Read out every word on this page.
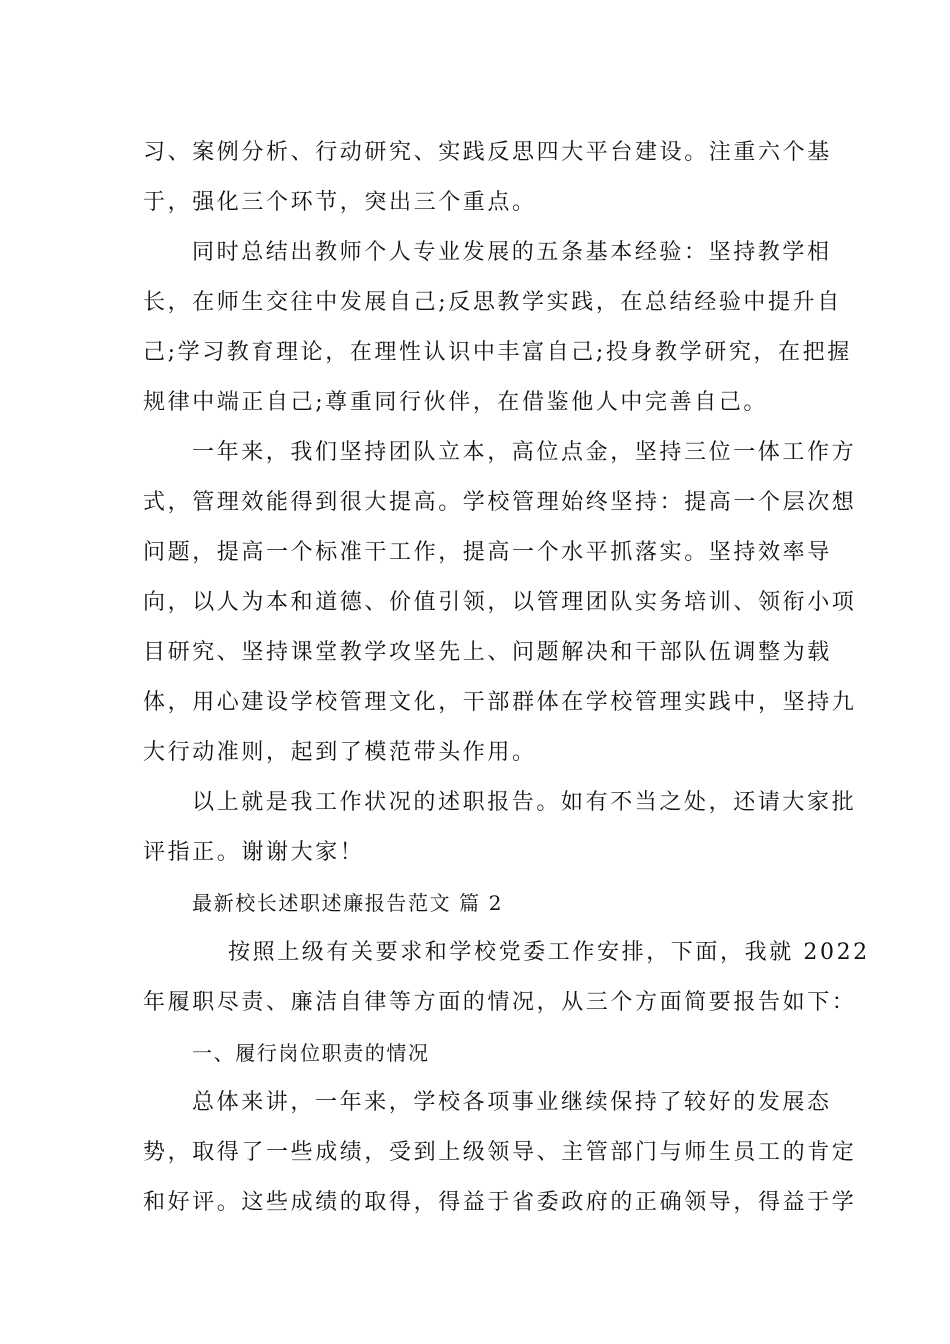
习、案例分析、行动研究、实践反思四大平台建设。注重六个基
于，强化三个环节，突出三个重点。
同时总结出教师个人专业发展的五条基本经验：坚持教学相
长，在师生交往中发展自己;反思教学实践，在总结经验中提升自
己;学习教育理论，在理性认识中丰富自己;投身教学研究，在把握
规律中端正自己;尊重同行伙伴，在借鉴他人中完善自己。
一年来，我们坚持团队立本，高位点金，坚持三位一体工作方
式，管理效能得到很大提高。学校管理始终坚持：提高一个层次想
问题，提高一个标准干工作，提高一个水平抓落实。坚持效率导
向，以人为本和道德、价值引领，以管理团队实务培训、领衔小项
目研究、坚持课堂教学攻坚先上、问题解决和干部队伍调整为载
体，用心建设学校管理文化，干部群体在学校管理实践中，坚持九
大行动准则，起到了模范带头作用。
以上就是我工作状况的述职报告。如有不当之处，还请大家批
评指正。谢谢大家！
最新校长述职述廉报告范文 篇 2
按照上级有关要求和学校党委工作安排，下面，我就 2022
年履职尽责、廉洁自律等方面的情况，从三个方面简要报告如下：
一、履行岗位职责的情况
总体来讲，一年来，学校各项事业继续保持了较好的发展态
势，取得了一些成绩，受到上级领导、主管部门与师生员工的肯定
和好评。这些成绩的取得，得益于省委政府的正确领导，得益于学
